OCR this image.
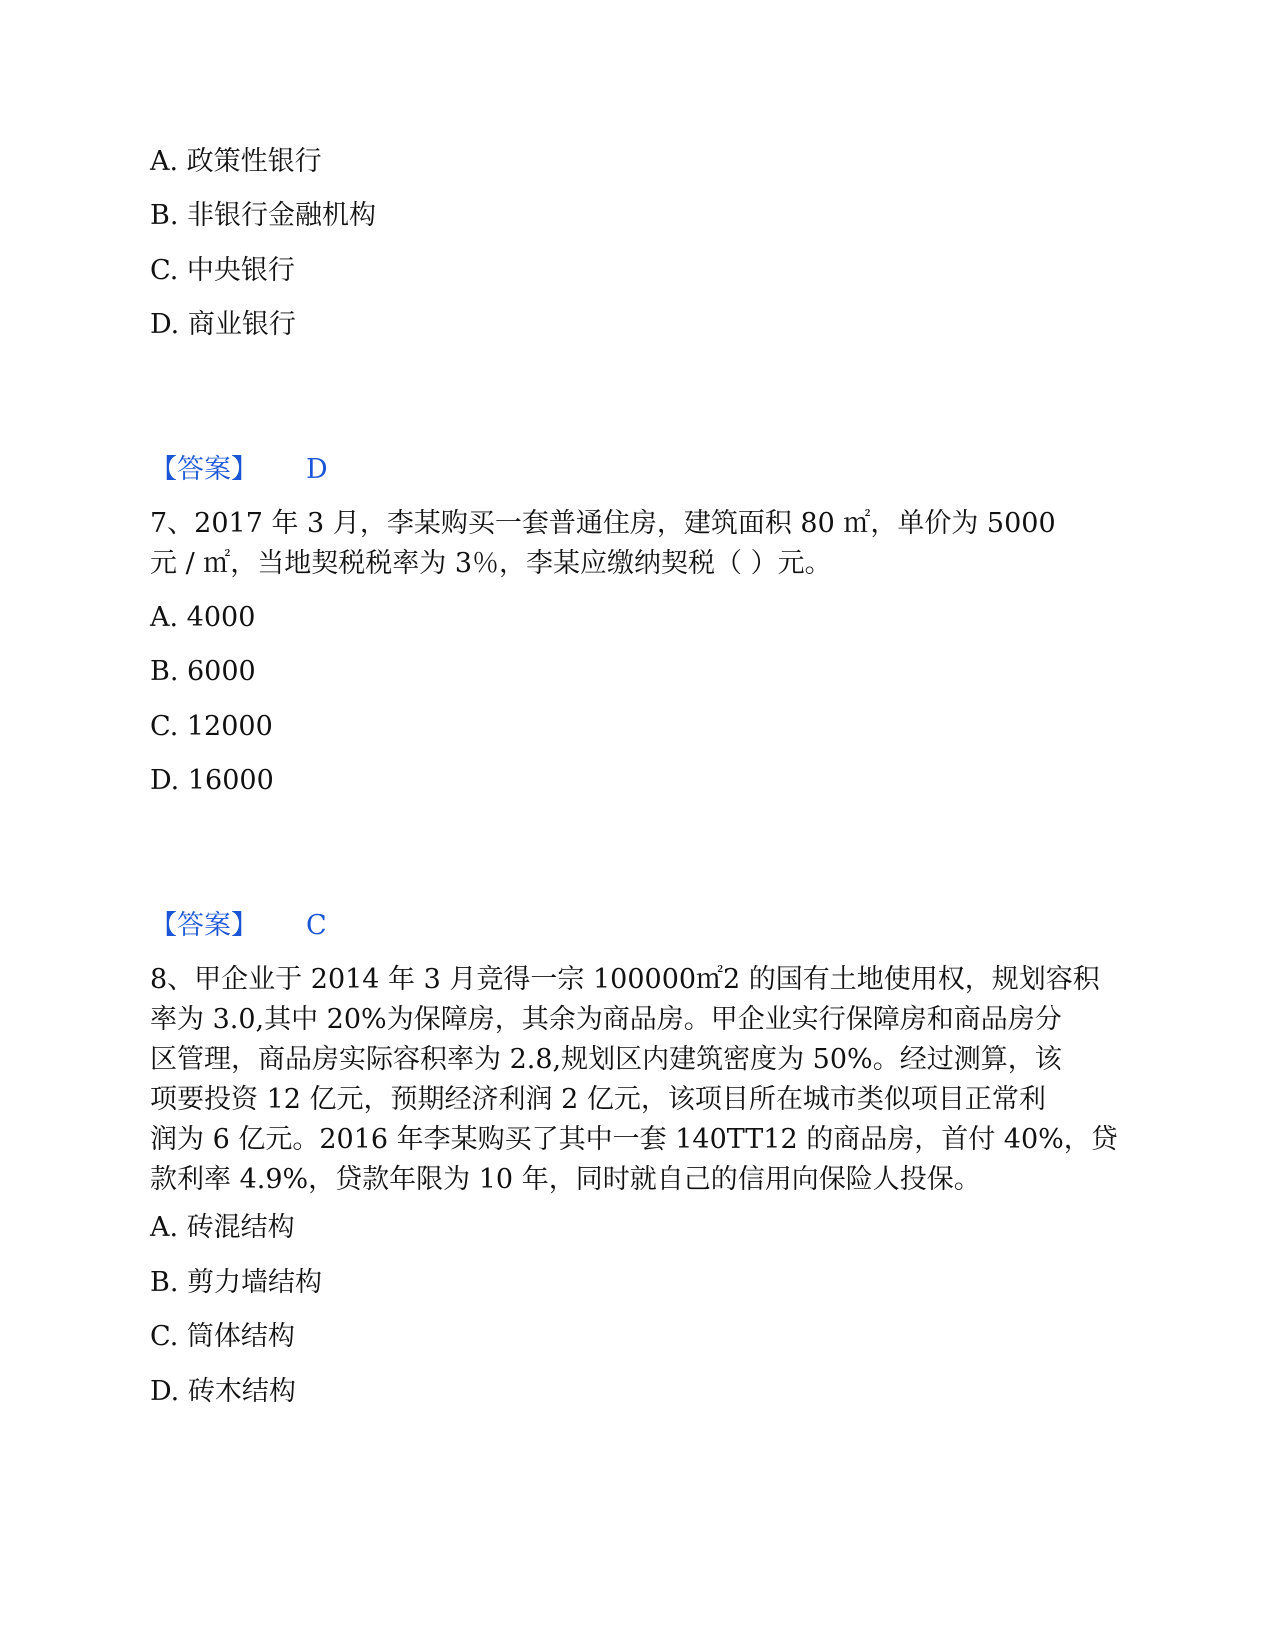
A. 政策性银行
B. 非银行金融机构
C. 中央银行
D. 商业银行
【答案】 D
7、2017 年 3 月，李某购买一套普通住房，建筑面积 80 ㎡，单价为 5000
元 / ㎡，当地契税税率为 3％，李某应缴纳契税（ ）元。
A. 4000
B. 6000
C. 12000
D. 16000
【答案】 C
8、甲企业于 2014 年 3 月竞得一宗 100000㎡2 的国有土地使用权，规划容积
率为 3.0,其中 20%为保障房，其余为商品房。甲企业实行保障房和商品房分
区管理，商品房实际容积率为 2.8,规划区内建筑密度为 50%。经过测算，该
项要投资 12 亿元，预期经济利润 2 亿元，该项目所在城市类似项目正常利
润为 6 亿元。2016 年李某购买了其中一套 140TT12 的商品房，首付 40%，贷
款利率 4.9%，贷款年限为 10 年，同时就自己的信用向保险人投保。
A. 砖混结构
B. 剪力墙结构
C. 筒体结构
D. 砖木结构
